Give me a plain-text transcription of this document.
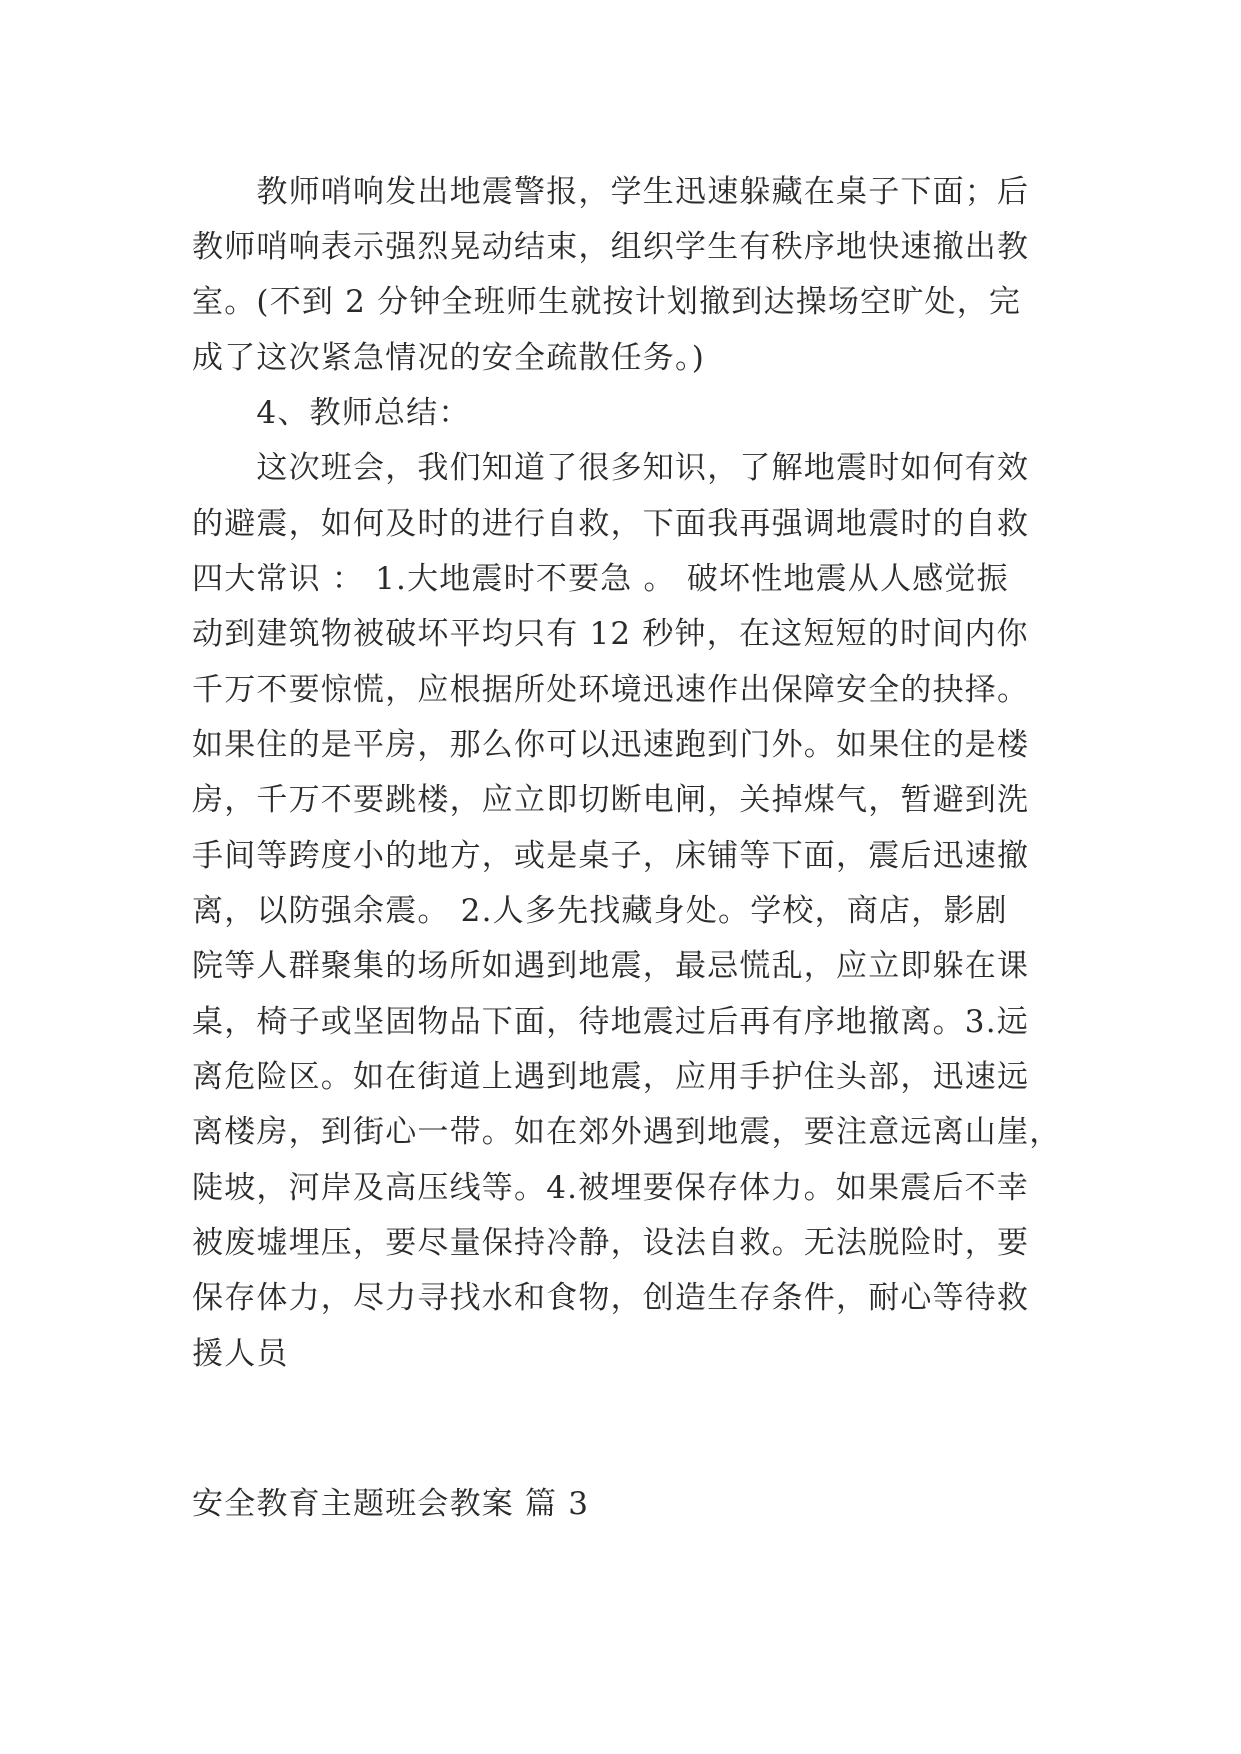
　　教师哨响发出地震警报，学生迅速躲藏在桌子下面；后
教师哨响表示强烈晃动结束，组织学生有秩序地快速撤出教
室。(不到 2 分钟全班师生就按计划撤到达操场空旷处，完
成了这次紧急情况的安全疏散任务。)
　　4、教师总结：
　　这次班会，我们知道了很多知识，了解地震时如何有效
的避震，如何及时的进行自救，下面我再强调地震时的自救
四大常识 ： 1.大地震时不要急 。 破坏性地震从人感觉振
动到建筑物被破坏平均只有 12 秒钟，在这短短的时间内你
千万不要惊慌，应根据所处环境迅速作出保障安全的抉择。
如果住的是平房，那么你可以迅速跑到门外。如果住的是楼
房，千万不要跳楼，应立即切断电闸，关掉煤气，暂避到洗
手间等跨度小的地方，或是桌子，床铺等下面，震后迅速撤
离，以防强余震。 2.人多先找藏身处。学校，商店，影剧
院等人群聚集的场所如遇到地震，最忌慌乱，应立即躲在课
桌，椅子或坚固物品下面，待地震过后再有序地撤离。3.远
离危险区。如在街道上遇到地震，应用手护住头部，迅速远
离楼房，到街心一带。如在郊外遇到地震，要注意远离山崖，
陡坡，河岸及高压线等。4.被埋要保存体力。如果震后不幸
被废墟埋压，要尽量保持冷静，设法自救。无法脱险时，要
保存体力，尽力寻找水和食物，创造生存条件，耐心等待救
援人员
安全教育主题班会教案 篇 3
